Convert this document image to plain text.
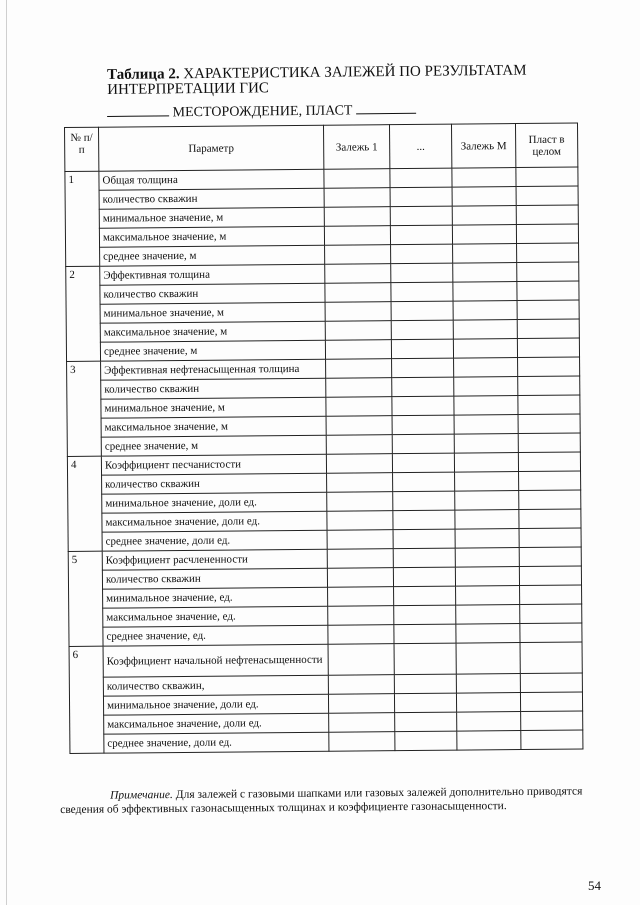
Таблица 2. ХАРАКТЕРИСТИКА ЗАЛЕЖЕЙ ПО РЕЗУЛЬТАТАМ ИНТЕРПРЕТАЦИИ ГИС
МЕСТОРОЖДЕНИЕ, ПЛАСТ
№ п/п	Параметр	Залежь 1	...	Залежь М	Пласт в целом
1	Общая толщина				
	количество скважин				
	минимальное значение, м				
	максимальное значение, м				
	среднее значение, м				
2	Эффективная толщина				
	количество скважин				
	минимальное значение, м				
	максимальное значение, м				
	среднее значение, м				
3	Эффективная нефтенасыщенная толщина				
	количество скважин				
	минимальное значение, м				
	максимальное значение, м				
	среднее значение, м				
4	Коэффициент песчанистости				
	количество скважин				
	минимальное значение, доли ед.				
	максимальное значение, доли ед.				
	среднее значение, доли ед.				
5	Коэффициент расчлененности				
	количество скважин				
	минимальное значение, ед.				
	максимальное значение, ед.				
	среднее значение, ед.				
6	Коэффициент начальной нефтенасыщенности				
	количество скважин,				
	минимальное значение, доли ед.				
	максимальное значение, доли ед.				
	среднее значение, доли ед.				
Примечание. Для залежей с газовыми шапками или газовых залежей дополнительно приводятся сведения об эффективных газонасыщенных толщинах и коэффициенте газонасыщенности.
54
